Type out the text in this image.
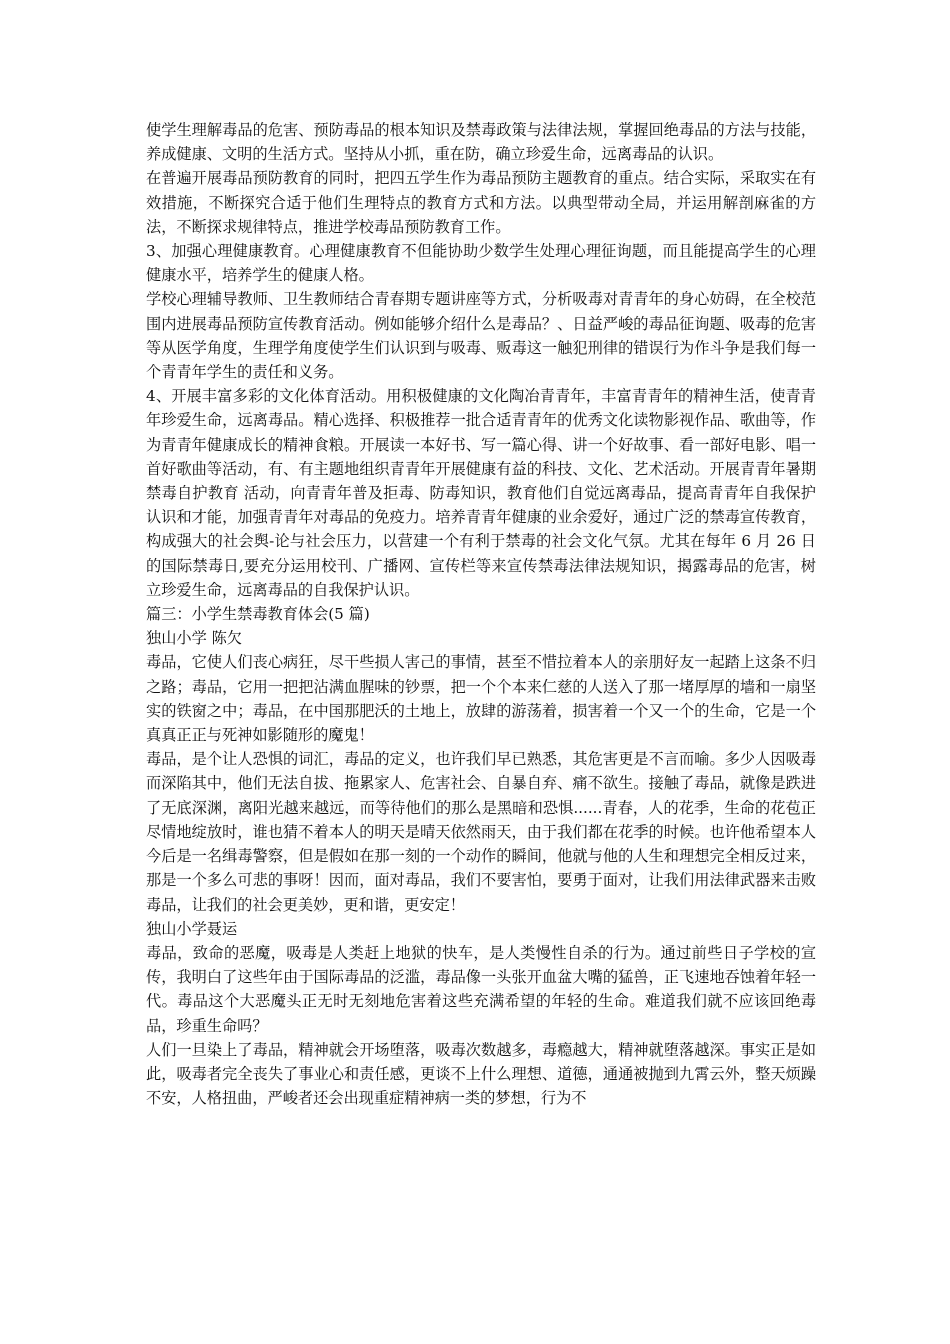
使学生理解毒品的危害、预防毒品的根本知识及禁毒政策与法律法规，掌握回绝毒品的方法与技能，养成健康、文明的生活方式。坚持从小抓，重在防，确立珍爱生命，远离毒品的认识。

在普遍开展毒品预防教育的同时，把四五学生作为毒品预防主题教育的重点。结合实际，采取实在有效措施，不断探究合适于他们生理特点的教育方式和方法。以典型带动全局，并运用解剖麻雀的方法，不断探求规律特点，推进学校毒品预防教育工作。

3、加强心理健康教育。心理健康教育不但能协助少数学生处理心理征询题，而且能提高学生的心理健康水平，培养学生的健康人格。

学校心理辅导教师、卫生教师结合青春期专题讲座等方式，分析吸毒对青青年的身心妨碍，在全校范围内进展毒品预防宣传教育活动。例如能够介绍什么是毒品？、日益严峻的毒品征询题、吸毒的危害等从医学角度，生理学角度使学生们认识到与吸毒、贩毒这一触犯刑律的错误行为作斗争是我们每一个青青年学生的责任和义务。

4、开展丰富多彩的文化体育活动。用积极健康的文化陶冶青青年，丰富青青年的精神生活，使青青年珍爱生命，远离毒品。精心选择、积极推荐一批合适青青年的优秀文化读物影视作品、歌曲等，作为青青年健康成长的精神食粮。开展读一本好书、写一篇心得、讲一个好故事、看一部好电影、唱一首好歌曲等活动，有、有主题地组织青青年开展健康有益的科技、文化、艺术活动。开展青青年暑期禁毒自护教育 活动，向青青年普及拒毒、防毒知识，教育他们自觉远离毒品，提高青青年自我保护认识和才能，加强青青年对毒品的免疫力。培养青青年健康的业余爱好，通过广泛的禁毒宣传教育，构成强大的社会舆-论与社会压力，以营建一个有利于禁毒的社会文化气氛。尤其在每年 6 月 26 日的国际禁毒日,要充分运用校刊、广播网、宣传栏等来宣传禁毒法律法规知识，揭露毒品的危害，树立珍爱生命，远离毒品的自我保护认识。

篇三：小学生禁毒教育体会(5 篇)

独山小学 陈欠

毒品，它使人们丧心病狂，尽干些损人害己的事情，甚至不惜拉着本人的亲朋好友一起踏上这条不归之路；毒品，它用一把把沾满血腥味的钞票，把一个个本来仁慈的人送入了那一堵厚厚的墙和一扇坚实的铁窗之中；毒品，在中国那肥沃的土地上，放肆的游荡着，损害着一个又一个的生命，它是一个真真正正与死神如影随形的魔鬼！

毒品，是个让人恐惧的词汇，毒品的定义，也许我们早已熟悉，其危害更是不言而喻。多少人因吸毒而深陷其中，他们无法自拔、拖累家人、危害社会、自暴自弃、痛不欲生。接触了毒品，就像是跌进了无底深渊，离阳光越来越远，而等待他们的那么是黑暗和恐惧......青春，人的花季，生命的花苞正尽情地绽放时，谁也猜不着本人的明天是晴天依然雨天，由于我们都在花季的时候。也许他希望本人今后是一名缉毒警察，但是假如在那一刻的一个动作的瞬间，他就与他的人生和理想完全相反过来，那是一个多么可悲的事呀！因而，面对毒品，我们不要害怕，要勇于面对，让我们用法律武器来击败毒品，让我们的社会更美妙，更和谐，更安定！

独山小学聂运

毒品，致命的恶魔，吸毒是人类赶上地狱的快车，是人类慢性自杀的行为。通过前些日子学校的宣传，我明白了这些年由于国际毒品的泛滥，毒品像一头张开血盆大嘴的猛兽，正飞速地吞蚀着年轻一代。毒品这个大恶魔头正无时无刻地危害着这些充满希望的年轻的生命。难道我们就不应该回绝毒品，珍重生命吗？

人们一旦染上了毒品，精神就会开场堕落，吸毒次数越多，毒瘾越大，精神就堕落越深。事实正是如此，吸毒者完全丧失了事业心和责任感，更谈不上什么理想、道德，通通被抛到九霄云外，整天烦躁不安，人格扭曲，严峻者还会出现重症精神病一类的梦想，行为不
